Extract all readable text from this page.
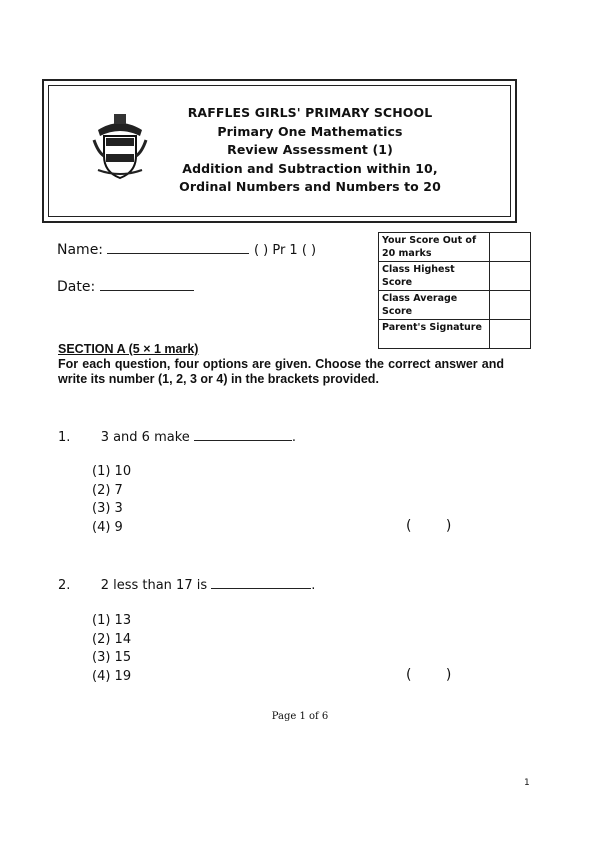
RAFFLES GIRLS' PRIMARY SCHOOL
Primary One Mathematics
Review Assessment (1)
Addition and Subtraction within 10,
Ordinal Numbers and Numbers to 20
Name:	( ) Pr 1 ( )
Date:
Your Score Out of 20 marks	
Class Highest Score	
Class Average Score	
Parent's Signature	
SECTION A (5 × 1 mark)
For each question, four options are given. Choose the correct answer and write its number (1, 2, 3 or 4) in the brackets provided.
1. 3 and 6 make	.
(1) 10
(2) 7
(3) 3
(4) 9	( )
2. 2 less than 17 is	.
(1) 13
(2) 14
(3) 15
(4) 19	( )
Page 1 of 6
1
